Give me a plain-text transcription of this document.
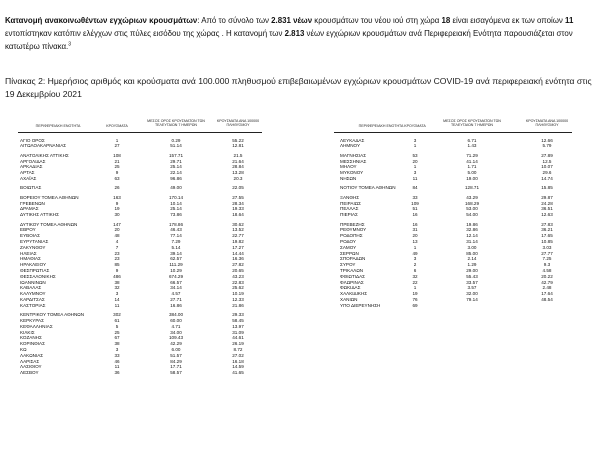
Κατανομή ανακοινωθέντων εγχώριων κρουσμάτων: Από το σύνολο των 2.831 νέων κρουσμάτων του νέου ιού στη χώρα 18 είναι εισαγόμενα εκ των οποίων 11 εντοπίστηκαν κατόπιν ελέγχων στις πύλες εισόδου της χώρας . Η κατανομή των 2.813 νέων εγχώριων κρουσμάτων ανά Περιφερειακή Ενότητα παρουσιάζεται στον κατωτέρω πίνακα.$^3$
Πίνακας 2: Ημερήσιος αριθμός και κρούσματα ανά 100.000 πληθυσμού επιβεβαιωμένων εγχώριων κρουσμάτων COVID-19 ανά περιφερειακή ενότητα στις 19 Δεκεμβρίου 2021
ΠΕΡΙΦΕΡΕΙΑΚΗ ΕΝΟΤΗΤΑ	ΚΡΟΥΣΜΑΤΑ
ΜΕΣΟΣ ΟΡΟΣ ΚΡΟΥΣΜΑΤΩΝ ΤΩΝ ΤΕΛΕΥΤΑΙΩΝ 7 ΗΜΕΡΩΝ
ΚΡΟΥΣΜΑΤΑ ΑΝΑ 100000 ΠΛΗΘΥΣΜΟΥ	ΠΕΡΙΦΕΡΕΙΑΚΗ ΕΝΟΤΗΤΑ ΚΡΟΥΣΜΑΤΑ
ΜΕΣΟΣ ΟΡΟΣ ΚΡΟΥΣΜΑΤΩΝ ΤΩΝ ΤΕΛΕΥΤΑΙΩΝ 7 ΗΜΕΡΩΝ
ΚΡΟΥΣΜΑΤΑ ΑΝΑ 100000 ΠΛΗΘΥΣΜΟΥ
ΑΓΙΟ ΟΡΟΣ	1	0.29	55.22
ΑΙΤΩΛΟΑΚΑΡΝΑΝΙΑΣ	27	51.14	12.81
ΑΝΑΤΟΛΙΚΗΣ ΑΤΤΙΚΗΣ	108	157.71	21.5
ΑΡΓΟΛΙΔΑΣ	21	29.71	21.64
ΑΡΚΑΔΙΑΣ	25	25.14	28.84
ΑΡΤΑΣ	9	22.14	13.28
ΑΧΑΪΑΣ	63	96.86	20.3
ΒΟΙΩΤΙΑΣ	26	49.00	22.05
ΒΟΡΕΙΟΥ ΤΟΜΕΑ ΑΘΗΝΩΝ	163	170.14	27.55
ΓΡΕΒΕΝΩΝ	9	10.14	28.34
ΔΡΑΜΑΣ	19	25.14	19.33
ΔΥΤΙΚΗΣ ΑΤΤΙΚΗΣ	30	73.86	18.64
ΔΥΤΙΚΟΥ ΤΟΜΕΑ ΑΘΗΝΩΝ	147	178.86	30.62
ΕΒΡΟΥ	20	46.43	13.52
ΕΥΒΟΙΑΣ	48	77.14	22.77
ΕΥΡΥΤΑΝΙΑΣ	4	7.29	19.82
ΖΑΚΥΝΘΟΥ	7	5.14	17.27
ΗΛΕΙΑΣ	23	39.14	14.44
ΗΜΑΘΙΑΣ	23	62.57	16.36
ΗΡΑΚΛΕΙΟΥ	85	111.29	27.82
ΘΕΣΠΡΩΤΙΑΣ	9	10.29	20.65
ΘΕΣΣΑΛΟΝΙΚΗΣ	486	674.29	43.23
ΙΩΑΝΝΙΝΩΝ	38	66.57	22.83
ΚΑΒΑΛΑΣ	32	34.14	25.62
ΚΑΛΥΜΝΟΥ	3	4.57	10.19
ΚΑΡΔΙΤΣΑΣ	14	27.71	12.33
ΚΑΣΤΟΡΙΑΣ	11	16.86	21.86
ΚΕΝΤΡΙΚΟΥ ΤΟΜΕΑ ΑΘΗΝΩΝ	302	384.00	29.33
ΚΕΡΚΥΡΑΣ	61	60.00	58.45
ΚΕΦΑΛΛΗΝΙΑΣ	5	4.71	13.97
ΚΙΛΚΙΣ	25	34.00	31.09
ΚΟΖΑΝΗΣ	67	109.43	44.61
ΚΟΡΙΝΘΙΑΣ	38	42.29	26.19
ΚΩ	3	6.00	8.72
ΛΑΚΩΝΙΑΣ	33	51.57	27.02
ΛΑΡΙΣΑΣ	46	84.29	16.18
ΛΑΣΙΘΙΟΥ	11	17.71	14.59
ΛΕΣΒΟΥ	36	58.57	41.65
ΛΕΥΚΑΔΑΣ	3	6.71	12.66
ΛΗΜΝΟΥ	1	1.43	5.79
ΜΑΓΝΗΣΙΑΣ	53	71.29	27.89
ΜΕΣΣΗΝΙΑΣ	20	41.14	12.5
ΜΗΛΟΥ	1	1.71	10.07
ΜΥΚΟΝΟΥ	3	5.00	29.6
ΝΗΣΩΝ	11	19.00	14.74
ΝΟΤΙΟΥ ΤΟΜΕΑ ΑΘΗΝΩΝ	84	128.71	15.85
ΞΑΝΘΗΣ	33	43.29	29.87
ΠΕΙΡΑΙΩΣ	109	168.29	24.28
ΠΕΛΛΑΣ	51	53.00	36.51
ΠΙΕΡΙΑΣ	16	54.00	12.63
ΠΡΕΒΕΖΗΣ	16	19.86	27.83
ΡΕΘΥΜΝΟΥ	31	32.86	36.21
ΡΟΔΟΠΗΣ	20	12.14	17.65
ΡΟΔΟΥ	13	31.14	10.85
ΣΑΜΟΥ	1	3.00	3.03
ΣΕΡΡΩΝ	49	85.00	27.77
ΣΠΟΡΑΔΩΝ	3	2.14	7.25
ΣΥΡΟΥ	2	1.29	9.3
ΤΡΙΚΑΛΩΝ	6	29.00	4.58
ΦΘΙΩΤΙΔΑΣ	32	55.43	20.22
ΦΛΩΡΙΝΑΣ	22	33.57	42.79
ΦΩΚΙΔΑΣ	1	3.57	2.48
ΧΑΛΚΙΔΙΚΗΣ	19	32.00	17.64
ΧΑΝΙΩΝ	76	79.14	48.54
ΥΠΟ ΔΙΕΡΕΥΝΗΣΗ	69
